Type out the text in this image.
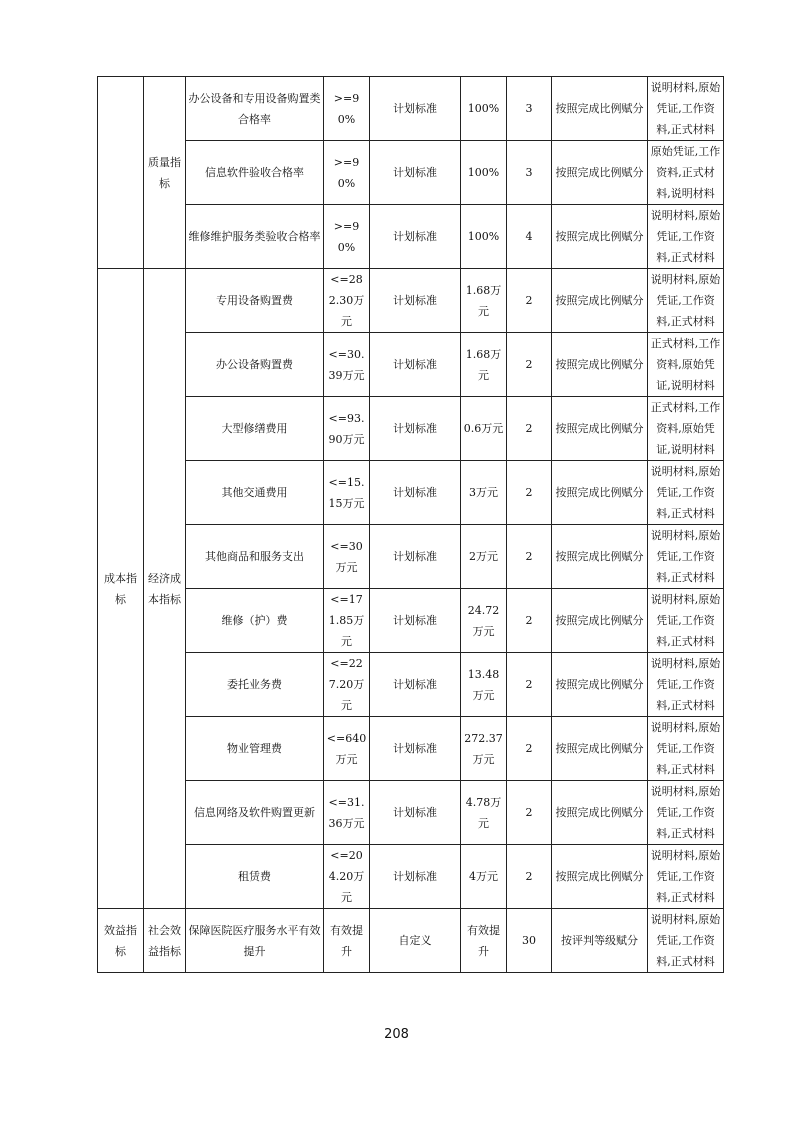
	质量指标	办公设备和专用设备购置类合格率	>=90%	计划标准	100%	3	按照完成比例赋分	说明材料,原始凭证,工作资料,正式材料
		信息软件验收合格率	>=90%	计划标准	100%	3	按照完成比例赋分	原始凭证,工作资料,正式材料,说明材料
		维修维护服务类验收合格率	>=90%	计划标准	100%	4	按照完成比例赋分	说明材料,原始凭证,工作资料,正式材料
成本指标	经济成本指标	专用设备购置费	<=282.30万元	计划标准	1.68万元	2	按照完成比例赋分	说明材料,原始凭证,工作资料,正式材料
		办公设备购置费	<=30.39万元	计划标准	1.68万元	2	按照完成比例赋分	正式材料,工作资料,原始凭证,说明材料
		大型修缮费用	<=93.90万元	计划标准	0.6万元	2	按照完成比例赋分	正式材料,工作资料,原始凭证,说明材料
		其他交通费用	<=15.15万元	计划标准	3万元	2	按照完成比例赋分	说明材料,原始凭证,工作资料,正式材料
		其他商品和服务支出	<=30万元	计划标准	2万元	2	按照完成比例赋分	说明材料,原始凭证,工作资料,正式材料
		维修（护）费	<=171.85万元	计划标准	24.72万元	2	按照完成比例赋分	说明材料,原始凭证,工作资料,正式材料
		委托业务费	<=227.20万元	计划标准	13.48万元	2	按照完成比例赋分	说明材料,原始凭证,工作资料,正式材料
		物业管理费	<=640万元	计划标准	272.37万元	2	按照完成比例赋分	说明材料,原始凭证,工作资料,正式材料
		信息网络及软件购置更新	<=31.36万元	计划标准	4.78万元	2	按照完成比例赋分	说明材料,原始凭证,工作资料,正式材料
		租赁费	<=204.20万元	计划标准	4万元	2	按照完成比例赋分	说明材料,原始凭证,工作资料,正式材料
效益指标	社会效益指标	保障医院医疗服务水平有效提升	有效提升	自定义	有效提升	30	按评判等级赋分	说明材料,原始凭证,工作资料,正式材料
208
